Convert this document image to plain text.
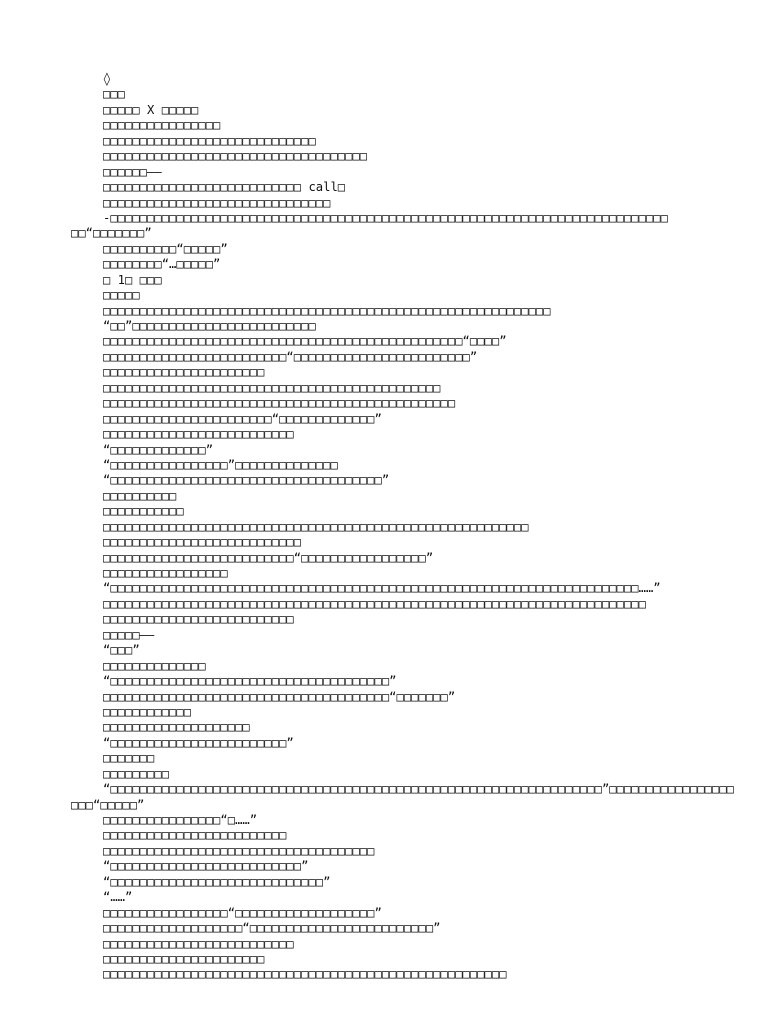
◊
□□□
□□□□□ X □□□□□
□□□□□□□□□□□□□□□□
□□□□□□□□□□□□□□□□□□□□□□□□□□□□□
□□□□□□□□□□□□□□□□□□□□□□□□□□□□□□□□□□□□
□□□□□□——
□□□□□□□□□□□□□□□□□□□□□□□□□□□ call□
□□□□□□□□□□□□□□□□□□□□□□□□□□□□□□□
-□□□□□□□□□□□□□□□□□□□□□□□□□□□□□□□□□□□□□□□□□□□□□□□□□□□□□□□□□□□□□□□□□□□□□□□□□□□□
□□“□□□□□□□”
□□□□□□□□□□“□□□□□”
□□□□□□□□“…□□□□□”
□ 1□ □□□
□□□□□
□□□□□□□□□□□□□□□□□□□□□□□□□□□□□□□□□□□□□□□□□□□□□□□□□□□□□□□□□□□□□
“□□”□□□□□□□□□□□□□□□□□□□□□□□□□
□□□□□□□□□□□□□□□□□□□□□□□□□□□□□□□□□□□□□□□□□□□□□□□□□“□□□□”
□□□□□□□□□□□□□□□□□□□□□□□□□“□□□□□□□□□□□□□□□□□□□□□□□□”
□□□□□□□□□□□□□□□□□□□□□□
□□□□□□□□□□□□□□□□□□□□□□□□□□□□□□□□□□□□□□□□□□□□□□
□□□□□□□□□□□□□□□□□□□□□□□□□□□□□□□□□□□□□□□□□□□□□□□□
□□□□□□□□□□□□□□□□□□□□□□□“□□□□□□□□□□□□□”
□□□□□□□□□□□□□□□□□□□□□□□□□□
“□□□□□□□□□□□□□”
“□□□□□□□□□□□□□□□□”□□□□□□□□□□□□□□
“□□□□□□□□□□□□□□□□□□□□□□□□□□□□□□□□□□□□□”
□□□□□□□□□□
□□□□□□□□□□□
□□□□□□□□□□□□□□□□□□□□□□□□□□□□□□□□□□□□□□□□□□□□□□□□□□□□□□□□□□
□□□□□□□□□□□□□□□□□□□□□□□□□□□
□□□□□□□□□□□□□□□□□□□□□□□□□□“□□□□□□□□□□□□□□□□□”
□□□□□□□□□□□□□□□□□
“□□□□□□□□□□□□□□□□□□□□□□□□□□□□□□□□□□□□□□□□□□□□□□□□□□□□□□□□□□□□□□□□□□□□□□□□……”
□□□□□□□□□□□□□□□□□□□□□□□□□□□□□□□□□□□□□□□□□□□□□□□□□□□□□□□□□□□□□□□□□□□□□□□□□□
□□□□□□□□□□□□□□□□□□□□□□□□□□
□□□□□——
“□□□”
□□□□□□□□□□□□□□
“□□□□□□□□□□□□□□□□□□□□□□□□□□□□□□□□□□□□□□”
□□□□□□□□□□□□□□□□□□□□□□□□□□□□□□□□□□□□□□□“□□□□□□□”
□□□□□□□□□□□□
□□□□□□□□□□□□□□□□□□□□
“□□□□□□□□□□□□□□□□□□□□□□□□”
□□□□□□□
□□□□□□□□□
“□□□□□□□□□□□□□□□□□□□□□□□□□□□□□□□□□□□□□□□□□□□□□□□□□□□□□□□□□□□□□□□□□□□”□□□□□□□□□□□□□□□□□
□□□“□□□□□”
□□□□□□□□□□□□□□□□“□……”
□□□□□□□□□□□□□□□□□□□□□□□□□
□□□□□□□□□□□□□□□□□□□□□□□□□□□□□□□□□□□□□
“□□□□□□□□□□□□□□□□□□□□□□□□□□”
“□□□□□□□□□□□□□□□□□□□□□□□□□□□□□”
“……”
□□□□□□□□□□□□□□□□□“□□□□□□□□□□□□□□□□□□□”
□□□□□□□□□□□□□□□□□□□“□□□□□□□□□□□□□□□□□□□□□□□□□”
□□□□□□□□□□□□□□□□□□□□□□□□□□
□□□□□□□□□□□□□□□□□□□□□□
□□□□□□□□□□□□□□□□□□□□□□□□□□□□□□□□□□□□□□□□□□□□□□□□□□□□□□□
